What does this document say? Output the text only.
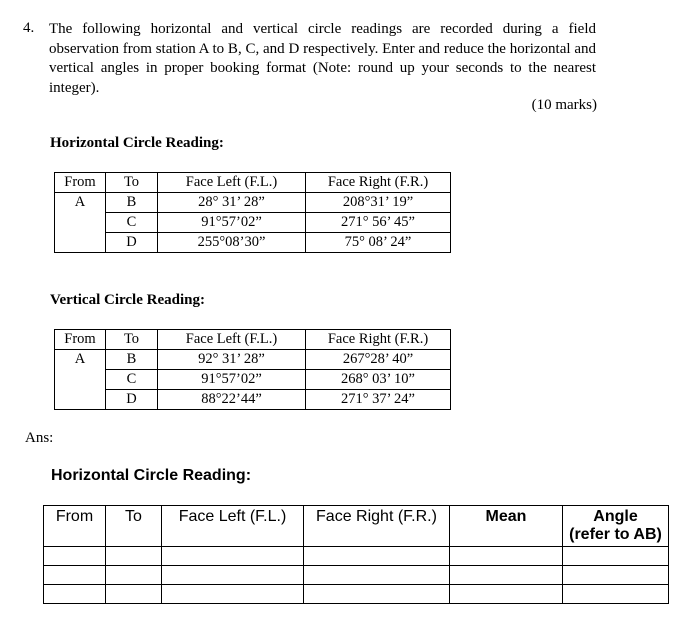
4. The following horizontal and vertical circle readings are recorded during a field observation from station A to B, C, and D respectively. Enter and reduce the horizontal and vertical angles in proper booking format (Note: round up your seconds to the nearest integer).
(10 marks)
Horizontal Circle Reading:
From	To	Face Left (F.L.)	Face Right (F.R.)
A	B	28° 31’ 28”	208°31’ 19”
	C	91°57’02”	271° 56’ 45”
	D	255°08’30”	75° 08’ 24”
Vertical Circle Reading:
From	To	Face Left (F.L.)	Face Right (F.R.)
A	B	92° 31’ 28”	267°28’ 40”
	C	91°57’02”	268° 03’ 10”
	D	88°22’44”	271° 37’ 24”
Ans:
Horizontal Circle Reading:
From	To	Face Left (F.L.)	Face Right (F.R.)	Mean	Angle
(refer to AB)
